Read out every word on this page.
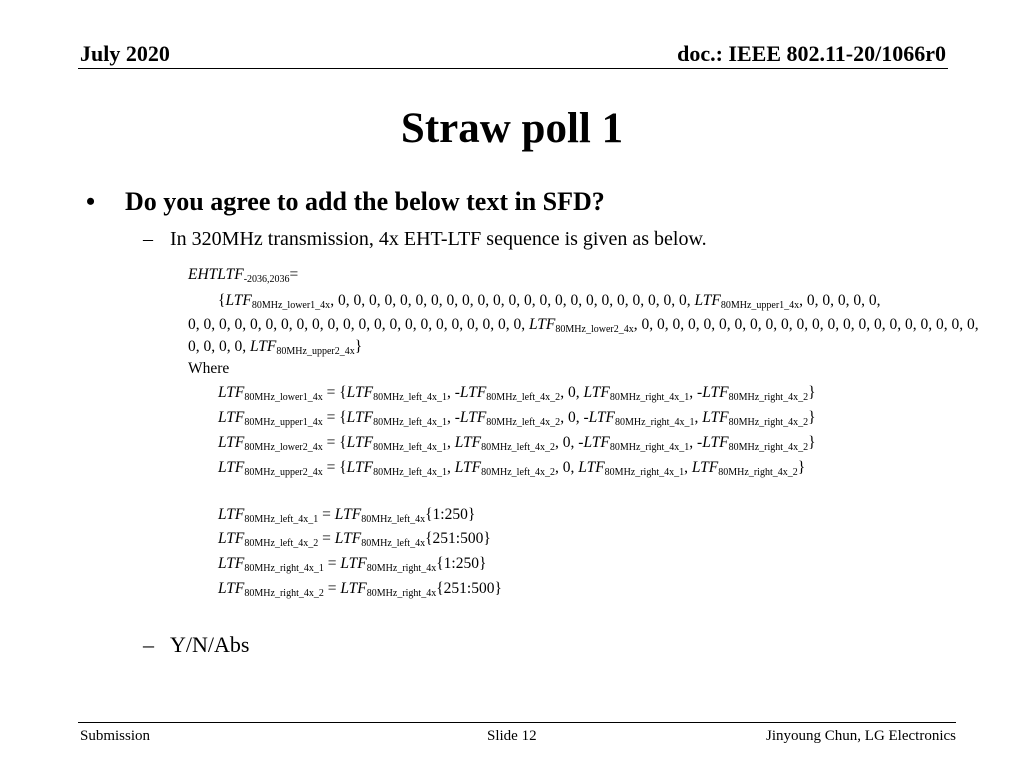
July 2020	doc.: IEEE 802.11-20/1066r0
Straw poll 1
• Do you agree to add the below text in SFD?
– In 320MHz transmission, 4x EHT-LTF sequence is given as below.
$EHTLTF_{-2036,2036}=$
{$LTF_{80MHz\_lower1\_4x}$, 0, 0, 0, 0, 0, 0, 0, 0, 0, 0, 0, 0, 0, 0, 0, 0, 0, 0, 0, 0, 0, 0, 0, $LTF_{80MHz\_upper1\_4x}$, 0, 0, 0, 0, 0,
0, 0, 0, 0, 0, 0, 0, 0, 0, 0, 0, 0, 0, 0, 0, 0, 0, 0, 0, 0, 0, 0, $LTF_{80MHz\_lower2\_4x}$, 0, 0, 0, 0, 0, 0, 0, 0, 0, 0, 0, 0, 0, 0, 0, 0, 0, 0, 0, 0, 0, 0,
0, 0, 0, 0, $LTF_{80MHz\_upper2\_4x}$}
Where
$LTF_{80MHz\_lower1\_4x} = \{LTF_{80MHz\_left\_4x\_1}$, $-LTF_{80MHz\_left\_4x\_2}$, 0, $LTF_{80MHz\_right\_4x\_1}$, $-LTF_{80MHz\_right\_4x\_2}$}
$LTF_{80MHz\_upper1\_4x} = \{LTF_{80MHz\_left\_4x\_1}$, $-LTF_{80MHz\_left\_4x\_2}$, 0, $-LTF_{80MHz\_right\_4x\_1}$, $LTF_{80MHz\_right\_4x\_2}$}
$LTF_{80MHz\_lower2\_4x} = \{LTF_{80MHz\_left\_4x\_1}$, $LTF_{80MHz\_left\_4x\_2}$, 0, $-LTF_{80MHz\_right\_4x\_1}$, $-LTF_{80MHz\_right\_4x\_2}$}
$LTF_{80MHz\_upper2\_4x} = \{LTF_{80MHz\_left\_4x\_1}$, $LTF_{80MHz\_left\_4x\_2}$, 0, $LTF_{80MHz\_right\_4x\_1}$, $LTF_{80MHz\_right\_4x\_2}$}
$LTF_{80MHz\_left\_4x\_1}$ = $LTF_{80MHz\_left\_4x}\{1:250\}$
$LTF_{80MHz\_left\_4x\_2}$ = $LTF_{80MHz\_left\_4x}\{251:500\}$
$LTF_{80MHz\_right\_4x\_1}$ = $LTF_{80MHz\_right\_4x}\{1:250\}$
$LTF_{80MHz\_right\_4x\_2}$ = $LTF_{80MHz\_right\_4x}\{251:500\}$
– Y/N/Abs
Submission	Slide 12	Jinyoung Chun, LG Electronics
